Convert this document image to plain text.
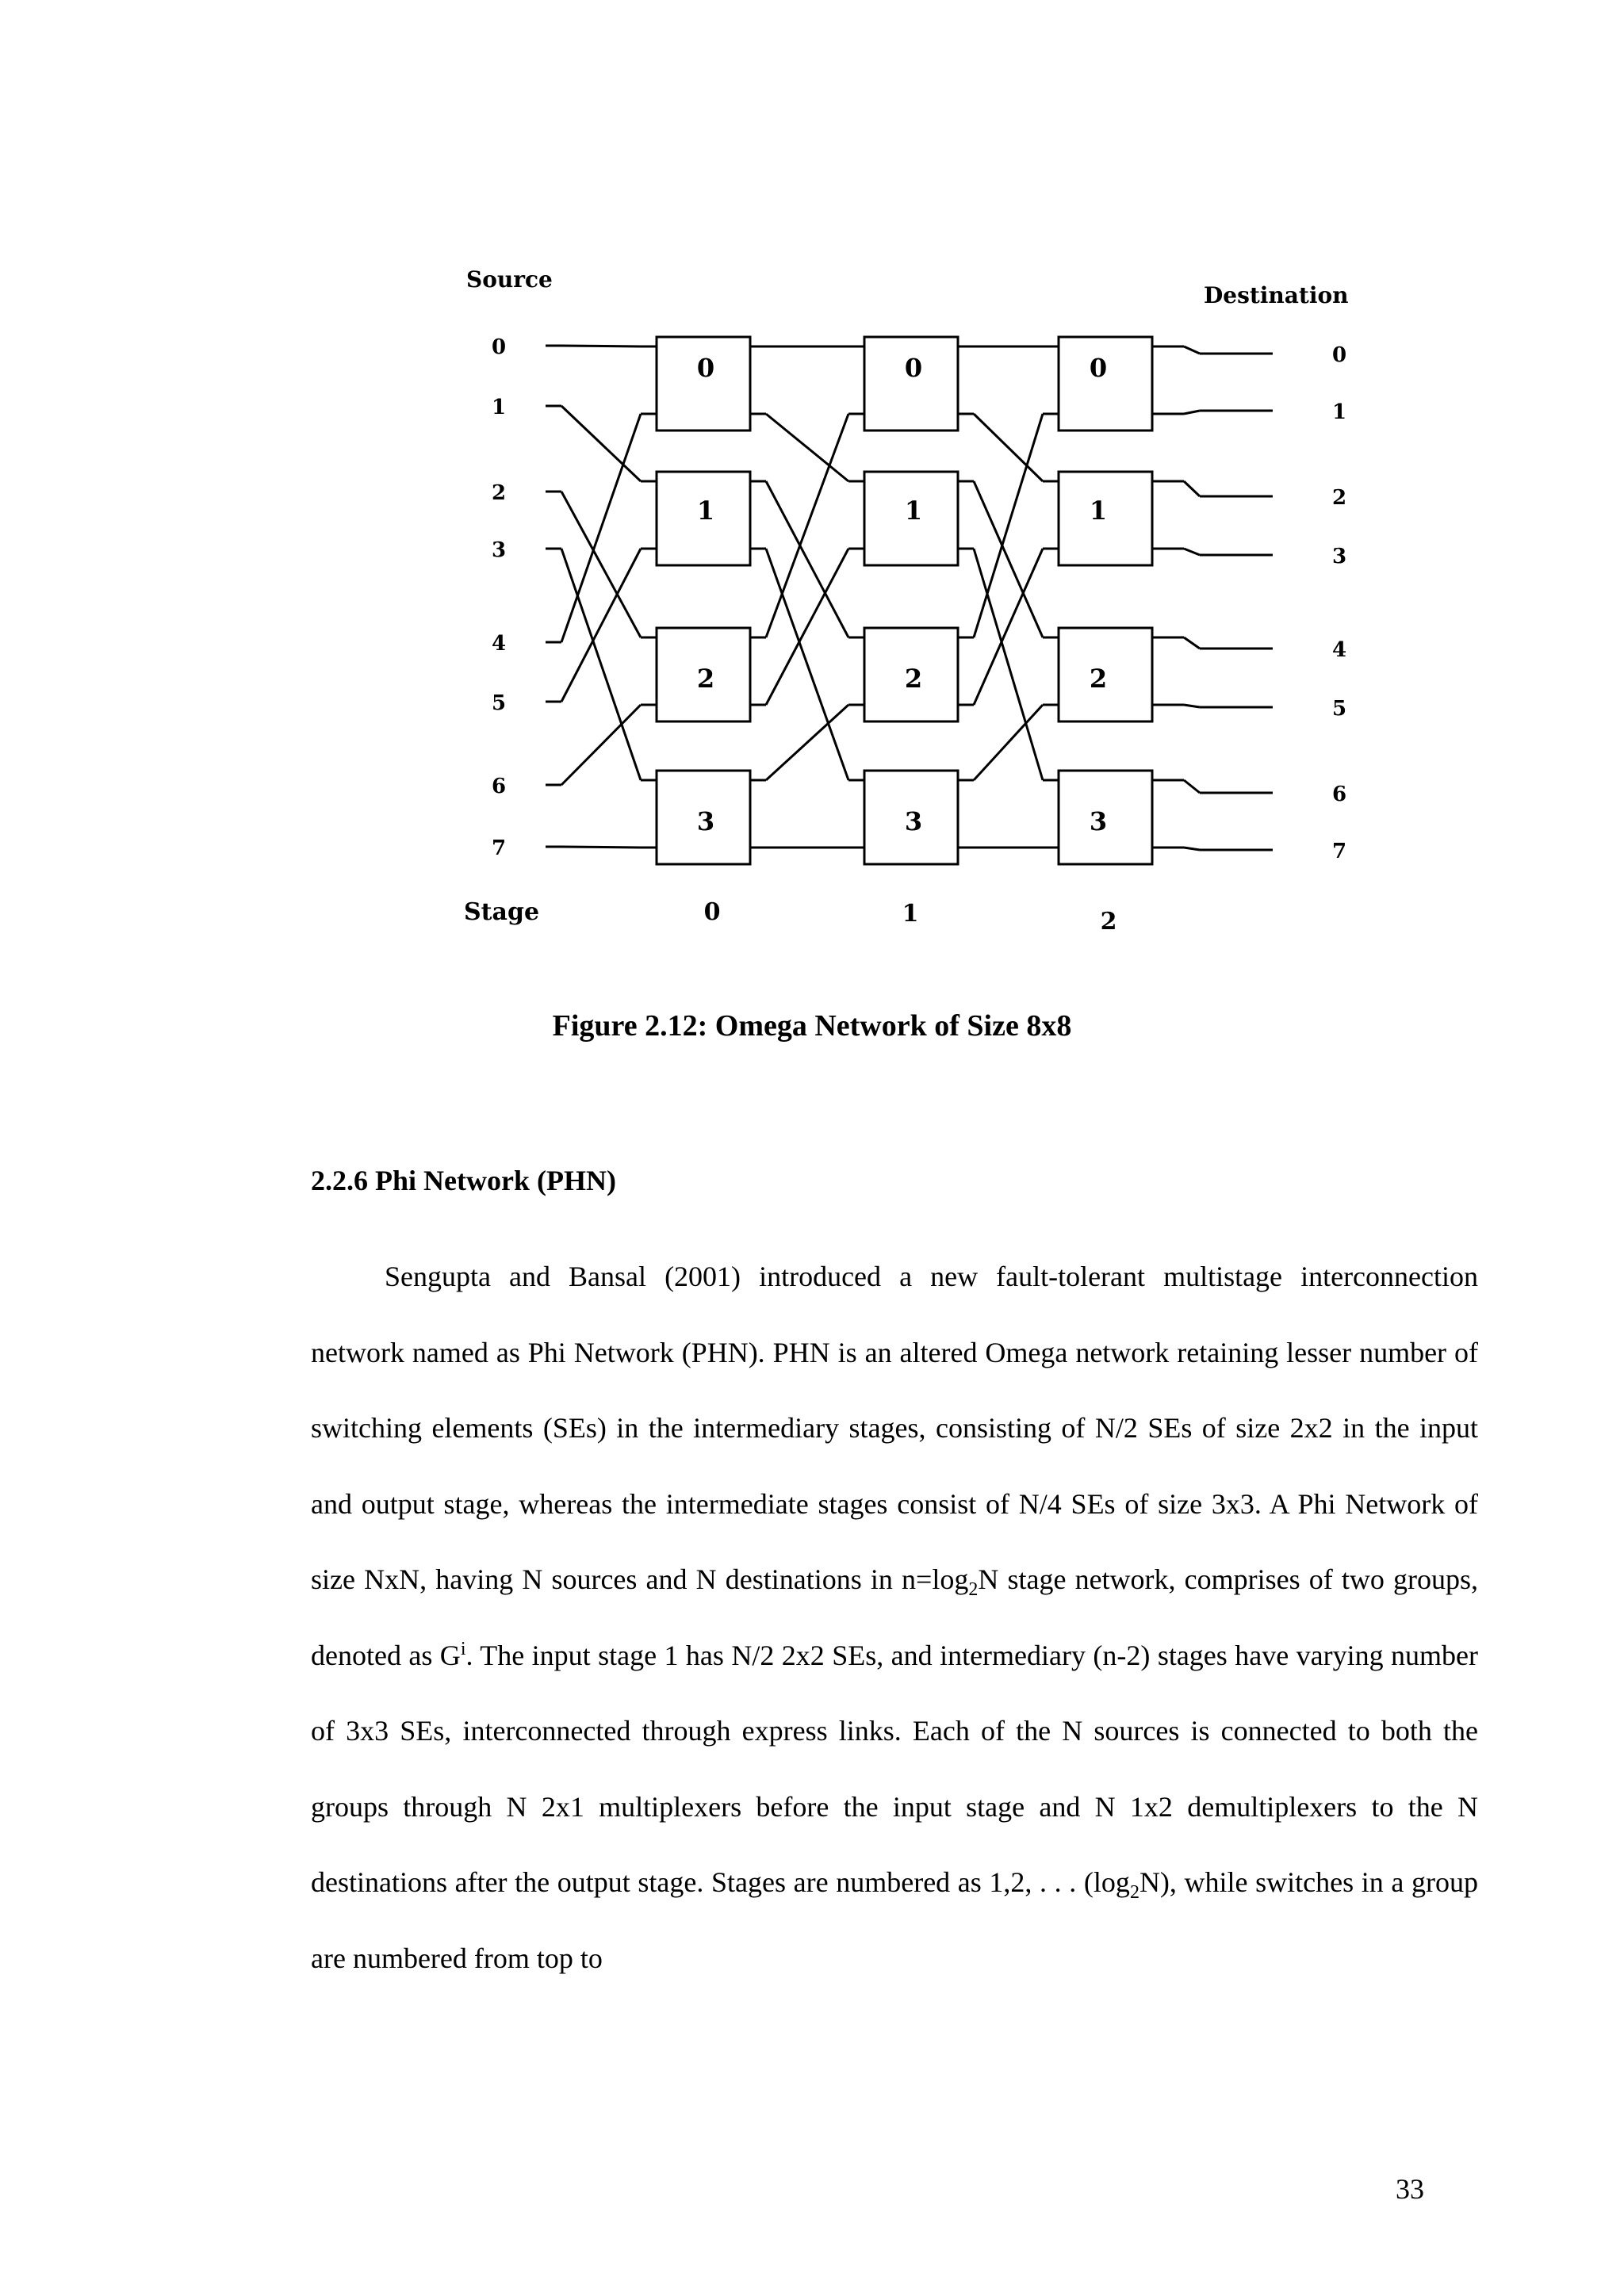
0
1
2
3
0
1
2
3
0
1
2
3
Source
Destination
Stage
0
1
2
3
4
5
6
7
0
1
2
3
4
5
6
7
0	1	2
Figure 2.12: Omega Network of Size 8x8
2.2.6 Phi Network (PHN)

Sengupta and Bansal (2001) introduced a new fault-tolerant multistage interconnection network named as Phi Network (PHN). PHN is an altered Omega network retaining lesser number of switching elements (SEs) in the intermediary stages, consisting of N/2 SEs of size 2x2 in the input and output stage, whereas the intermediate stages consist of N/4 SEs of size 3x3. A Phi Network of size NxN, having N sources and N destinations in $n=\log_2N$ stage network, comprises of two groups, denoted as $G^i$. The input stage 1 has N/2 2x2 SEs, and intermediary (n-2) stages have varying number of 3x3 SEs, interconnected through express links. Each of the N sources is connected to both the groups through N 2x1 multiplexers before the input stage and N 1x2 demultiplexers to the N destinations after the output stage. Stages are numbered as 1,2, . . . $(\log_2N)$, while switches in a group are numbered from top to

33
